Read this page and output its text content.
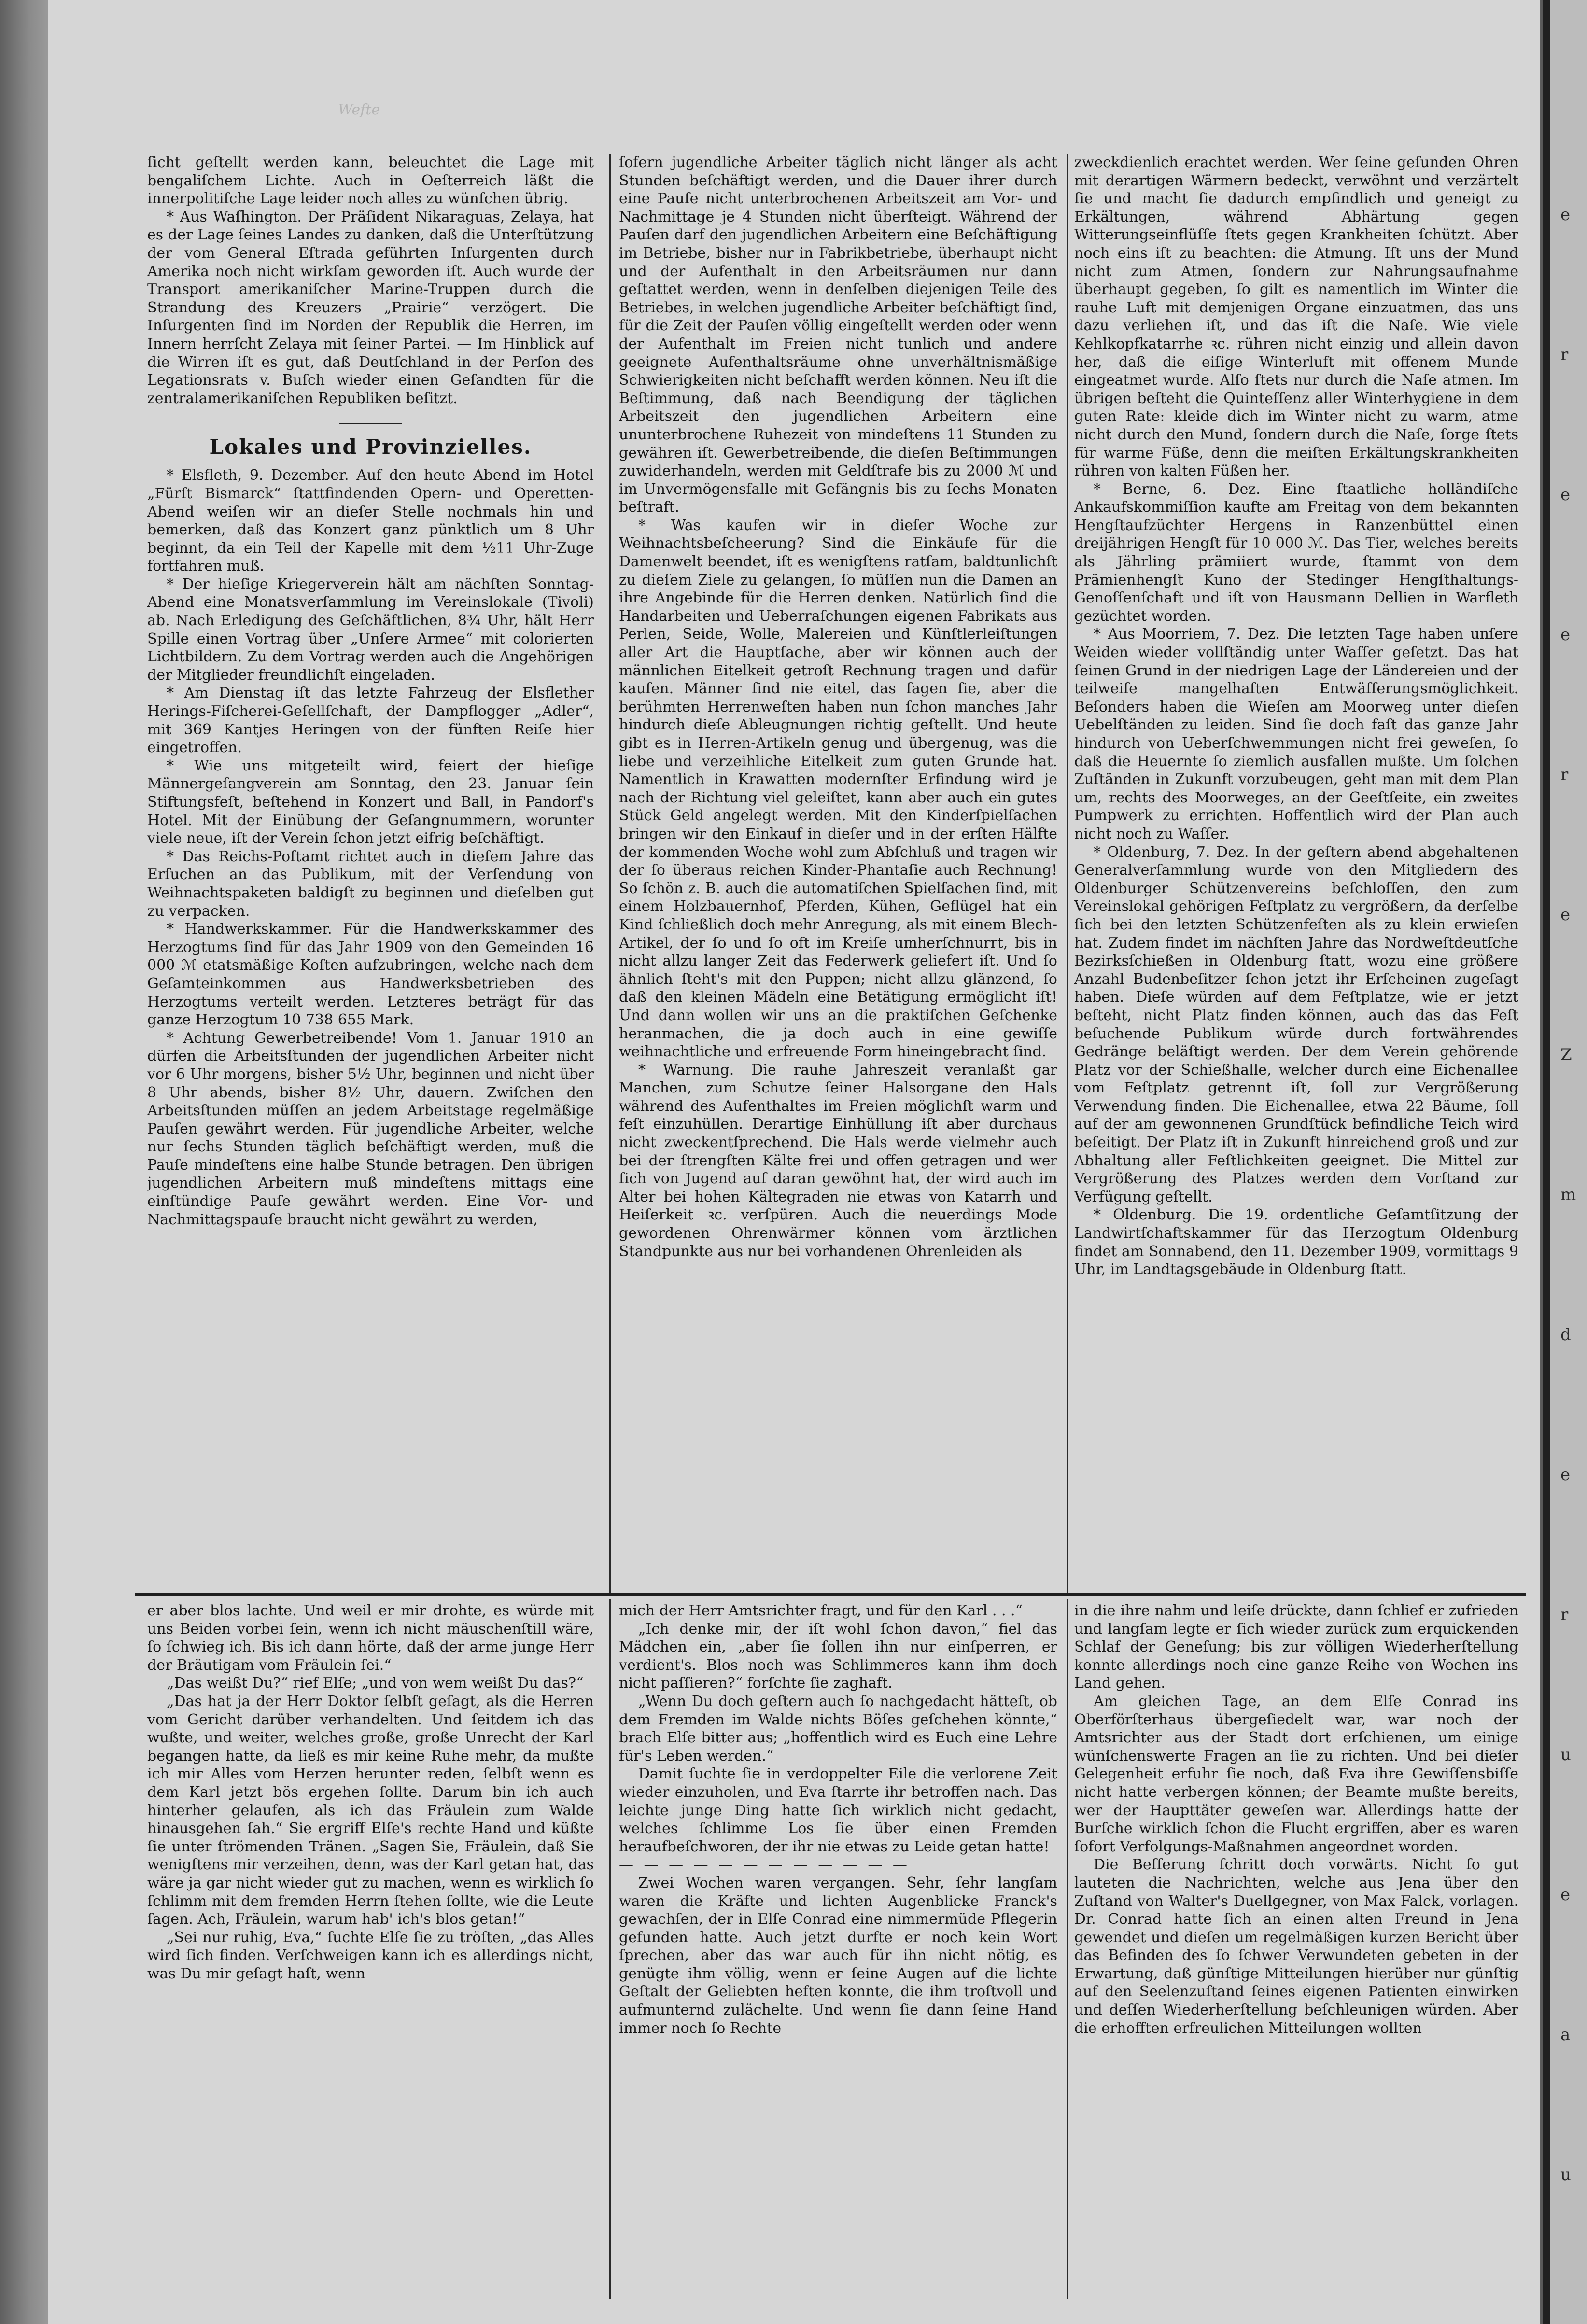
Wefte

ſicht geſtellt werden kann, beleuchtet die Lage mit bengaliſchem Lichte. Auch in Oeſterreich läßt die innerpolitiſche Lage leider noch alles zu wünſchen übrig.

* Aus Waſhington. Der Präſident Nikaraguas, Zelaya, hat es der Lage ſeines Landes zu danken, daß die Unterſtützung der vom General Eſtrada geführten Inſurgenten durch Amerika noch nicht wirkſam geworden iſt. Auch wurde der Transport amerikaniſcher Marine-Truppen durch die Strandung des Kreuzers „Prairie“ verzögert. Die Inſurgenten ſind im Norden der Republik die Herren, im Innern herrſcht Zelaya mit ſeiner Partei. — Im Hinblick auf die Wirren iſt es gut, daß Deutſchland in der Perſon des Legationsrats v. Buſch wieder einen Geſandten für die zentralamerikaniſchen Republiken beſitzt.

Lokales und Provinzielles.

* Elsfleth, 9. Dezember. Auf den heute Abend im Hotel „Fürſt Bismarck“ ſtattfindenden Opern- und Operetten-Abend weiſen wir an dieſer Stelle nochmals hin und bemerken, daß das Konzert ganz pünktlich um 8 Uhr beginnt, da ein Teil der Kapelle mit dem ½11 Uhr-Zuge fortfahren muß.

* Der hieſige Kriegerverein hält am nächſten Sonntag-Abend eine Monatsverſammlung im Vereinslokale (Tivoli) ab. Nach Erledigung des Geſchäftlichen, 8¾ Uhr, hält Herr Spille einen Vortrag über „Unſere Armee“ mit colorierten Lichtbildern. Zu dem Vortrag werden auch die Angehörigen der Mitglieder freundlichſt eingeladen.

* Am Dienstag iſt das letzte Fahrzeug der Elsflether Herings-Fiſcherei-Geſellſchaft, der Dampflogger „Adler“, mit 369 Kantjes Heringen von der fünften Reiſe hier eingetroffen.

* Wie uns mitgeteilt wird, feiert der hieſige Männergeſangverein am Sonntag, den 23. Januar ſein Stiftungsfeſt, beſtehend in Konzert und Ball, in Pandorf's Hotel. Mit der Einübung der Geſangnummern, worunter viele neue, iſt der Verein ſchon jetzt eifrig beſchäftigt.

* Das Reichs-Poſtamt richtet auch in dieſem Jahre das Erſuchen an das Publikum, mit der Verſendung von Weihnachtspaketen baldigſt zu beginnen und dieſelben gut zu verpacken.

* Handwerkskammer. Für die Handwerkskammer des Herzogtums ſind für das Jahr 1909 von den Gemeinden 16 000 ℳ etatsmäßige Koſten aufzubringen, welche nach dem Geſamteinkommen aus Handwerksbetrieben des Herzogtums verteilt werden. Letzteres beträgt für das ganze Herzogtum 10 738 655 Mark.

* Achtung Gewerbetreibende! Vom 1. Januar 1910 an dürfen die Arbeitsſtunden der jugendlichen Arbeiter nicht vor 6 Uhr morgens, bisher 5½ Uhr, beginnen und nicht über 8 Uhr abends, bisher 8½ Uhr, dauern. Zwiſchen den Arbeitsſtunden müſſen an jedem Arbeitstage regelmäßige Pauſen gewährt werden. Für jugendliche Arbeiter, welche nur ſechs Stunden täglich beſchäftigt werden, muß die Pauſe mindeſtens eine halbe Stunde betragen. Den übrigen jugendlichen Arbeitern muß mindeſtens mittags eine einſtündige Pauſe gewährt werden. Eine Vor- und Nachmittagspauſe braucht nicht gewährt zu werden,

ſofern jugendliche Arbeiter täglich nicht länger als acht Stunden beſchäftigt werden, und die Dauer ihrer durch eine Pauſe nicht unterbrochenen Arbeitszeit am Vor- und Nachmittage je 4 Stunden nicht überſteigt. Während der Pauſen darf den jugendlichen Arbeitern eine Beſchäftigung im Betriebe, bisher nur in Fabrikbetriebe, überhaupt nicht und der Aufenthalt in den Arbeitsräumen nur dann geſtattet werden, wenn in denſelben diejenigen Teile des Betriebes, in welchen jugendliche Arbeiter beſchäftigt ſind, für die Zeit der Pauſen völlig eingeſtellt werden oder wenn der Aufenthalt im Freien nicht tunlich und andere geeignete Aufenthaltsräume ohne unverhältnismäßige Schwierigkeiten nicht beſchafft werden können. Neu iſt die Beſtimmung, daß nach Beendigung der täglichen Arbeitszeit den jugendlichen Arbeitern eine ununterbrochene Ruhezeit von mindeſtens 11 Stunden zu gewähren iſt. Gewerbetreibende, die dieſen Beſtimmungen zuwiderhandeln, werden mit Geldſtrafe bis zu 2000 ℳ und im Unvermögensfalle mit Gefängnis bis zu ſechs Monaten beſtraft.

* Was kaufen wir in dieſer Woche zur Weihnachtsbeſcheerung? Sind die Einkäufe für die Damenwelt beendet, iſt es wenigſtens ratſam, baldtunlichſt zu dieſem Ziele zu gelangen, ſo müſſen nun die Damen an ihre Angebinde für die Herren denken. Natürlich ſind die Handarbeiten und Ueberraſchungen eigenen Fabrikats aus Perlen, Seide, Wolle, Malereien und Künſtlerleiſtungen aller Art die Hauptſache, aber wir können auch der männlichen Eitelkeit getroſt Rechnung tragen und dafür kaufen. Männer ſind nie eitel, das ſagen ſie, aber die berühmten Herrenweſten haben nun ſchon manches Jahr hindurch dieſe Ableugnungen richtig geſtellt. Und heute gibt es in Herren-Artikeln genug und übergenug, was die liebe und verzeihliche Eitelkeit zum guten Grunde hat. Namentlich in Krawatten modernſter Erfindung wird je nach der Richtung viel geleiſtet, kann aber auch ein gutes Stück Geld angelegt werden. Mit den Kinderſpielſachen bringen wir den Einkauf in dieſer und in der erſten Hälfte der kommenden Woche wohl zum Abſchluß und tragen wir der ſo überaus reichen Kinder-Phantaſie auch Rechnung! So ſchön z. B. auch die automatiſchen Spielſachen ſind, mit einem Holzbauernhof, Pferden, Kühen, Geflügel hat ein Kind ſchließlich doch mehr Anregung, als mit einem Blech-Artikel, der ſo und ſo oft im Kreiſe umherſchnurrt, bis in nicht allzu langer Zeit das Federwerk geliefert iſt. Und ſo ähnlich ſteht's mit den Puppen; nicht allzu glänzend, ſo daß den kleinen Mädeln eine Betätigung ermöglicht iſt! Und dann wollen wir uns an die praktiſchen Geſchenke heranmachen, die ja doch auch in eine gewiſſe weihnachtliche und erfreuende Form hineingebracht ſind.

* Warnung. Die rauhe Jahreszeit veranlaßt gar Manchen, zum Schutze ſeiner Halsorgane den Hals während des Aufenthaltes im Freien möglichſt warm und feſt einzuhüllen. Derartige Einhüllung iſt aber durchaus nicht zweckentſprechend. Die Hals werde vielmehr auch bei der ſtrengſten Kälte frei und offen getragen und wer ſich von Jugend auf daran gewöhnt hat, der wird auch im Alter bei hohen Kältegraden nie etwas von Katarrh und Heiſerkeit ꝛc. verſpüren. Auch die neuerdings Mode gewordenen Ohrenwärmer können vom ärztlichen Standpunkte aus nur bei vorhandenen Ohrenleiden als

zweckdienlich erachtet werden. Wer ſeine geſunden Ohren mit derartigen Wärmern bedeckt, verwöhnt und verzärtelt ſie und macht ſie dadurch empfindlich und geneigt zu Erkältungen, während Abhärtung gegen Witterungseinflüſſe ſtets gegen Krankheiten ſchützt. Aber noch eins iſt zu beachten: die Atmung. Iſt uns der Mund nicht zum Atmen, ſondern zur Nahrungsaufnahme überhaupt gegeben, ſo gilt es namentlich im Winter die rauhe Luft mit demjenigen Organe einzuatmen, das uns dazu verliehen iſt, und das iſt die Naſe. Wie viele Kehlkopfkatarrhe ꝛc. rühren nicht einzig und allein davon her, daß die eiſige Winterluft mit offenem Munde eingeatmet wurde. Alſo ſtets nur durch die Naſe atmen. Im übrigen beſteht die Quinteſſenz aller Winterhygiene in dem guten Rate: kleide dich im Winter nicht zu warm, atme nicht durch den Mund, ſondern durch die Naſe, ſorge ſtets für warme Füße, denn die meiſten Erkältungskrankheiten rühren von kalten Füßen her.

* Berne, 6. Dez. Eine ſtaatliche holländiſche Ankaufskommiſſion kaufte am Freitag von dem bekannten Hengſtaufzüchter Hergens in Ranzenbüttel einen dreijährigen Hengſt für 10 000 ℳ. Das Tier, welches bereits als Jährling prämiiert wurde, ſtammt von dem Prämienhengſt Kuno der Stedinger Hengſthaltungs-Genoſſenſchaft und iſt von Hausmann Dellien in Warfleth gezüchtet worden.

* Aus Moorriem, 7. Dez. Die letzten Tage haben unſere Weiden wieder vollſtändig unter Waſſer geſetzt. Das hat ſeinen Grund in der niedrigen Lage der Ländereien und der teilweiſe mangelhaften Entwäſſerungsmöglichkeit. Beſonders haben die Wieſen am Moorweg unter dieſen Uebelſtänden zu leiden. Sind ſie doch faſt das ganze Jahr hindurch von Ueberſchwemmungen nicht frei geweſen, ſo daß die Heuernte ſo ziemlich ausfallen mußte. Um ſolchen Zuſtänden in Zukunft vorzubeugen, geht man mit dem Plan um, rechts des Moorweges, an der Geeſtſeite, ein zweites Pumpwerk zu errichten. Hoffentlich wird der Plan auch nicht noch zu Waſſer.

* Oldenburg, 7. Dez. In der geſtern abend abgehaltenen Generalverſammlung wurde von den Mitgliedern des Oldenburger Schützenvereins beſchloſſen, den zum Vereinslokal gehörigen Feſtplatz zu vergrößern, da derſelbe ſich bei den letzten Schützenfeſten als zu klein erwieſen hat. Zudem findet im nächſten Jahre das Nordweſtdeutſche Bezirksſchießen in Oldenburg ſtatt, wozu eine größere Anzahl Budenbeſitzer ſchon jetzt ihr Erſcheinen zugeſagt haben. Dieſe würden auf dem Feſtplatze, wie er jetzt beſteht, nicht Platz finden können, auch das das Feſt beſuchende Publikum würde durch fortwährendes Gedränge beläſtigt werden. Der dem Verein gehörende Platz vor der Schießhalle, welcher durch eine Eichenallee vom Feſtplatz getrennt iſt, ſoll zur Vergrößerung Verwendung finden. Die Eichenallee, etwa 22 Bäume, ſoll auf der am gewonnenen Grundſtück befindliche Teich wird beſeitigt. Der Platz iſt in Zukunft hinreichend groß und zur Abhaltung aller Feſtlichkeiten geeignet. Die Mittel zur Vergrößerung des Platzes werden dem Vorſtand zur Verfügung geſtellt.

* Oldenburg. Die 19. ordentliche Geſamtſitzung der Landwirtſchaftskammer für das Herzogtum Oldenburg findet am Sonnabend, den 11. Dezember 1909, vormittags 9 Uhr, im Landtagsgebäude in Oldenburg ſtatt.

er aber blos lachte. Und weil er mir drohte, es würde mit uns Beiden vorbei ſein, wenn ich nicht mäuschenſtill wäre, ſo ſchwieg ich. Bis ich dann hörte, daß der arme junge Herr der Bräutigam vom Fräulein ſei.“

„Das weißt Du?“ rief Elſe; „und von wem weißt Du das?“

„Das hat ja der Herr Doktor ſelbſt geſagt, als die Herren vom Gericht darüber verhandelten. Und ſeitdem ich das wußte, und weiter, welches große, große Unrecht der Karl begangen hatte, da ließ es mir keine Ruhe mehr, da mußte ich mir Alles vom Herzen herunter reden, ſelbſt wenn es dem Karl jetzt bös ergehen ſollte. Darum bin ich auch hinterher gelaufen, als ich das Fräulein zum Walde hinausgehen ſah.“ Sie ergriff Elſe's rechte Hand und küßte ſie unter ſtrömenden Tränen. „Sagen Sie, Fräulein, daß Sie wenigſtens mir verzeihen, denn, was der Karl getan hat, das wäre ja gar nicht wieder gut zu machen, wenn es wirklich ſo ſchlimm mit dem fremden Herrn ſtehen ſollte, wie die Leute ſagen. Ach, Fräulein, warum hab' ich's blos getan!“

„Sei nur ruhig, Eva,“ ſuchte Elſe ſie zu tröſten, „das Alles wird ſich finden. Verſchweigen kann ich es allerdings nicht, was Du mir geſagt haſt, wenn

mich der Herr Amtsrichter fragt, und für den Karl . . .“

„Ich denke mir, der iſt wohl ſchon davon,“ fiel das Mädchen ein, „aber ſie ſollen ihn nur einſperren, er verdient's. Blos noch was Schlimmeres kann ihm doch nicht paſſieren?“ forſchte ſie zaghaft.

„Wenn Du doch geſtern auch ſo nachgedacht hätteſt, ob dem Fremden im Walde nichts Böſes geſchehen könnte,“ brach Elſe bitter aus; „hoffentlich wird es Euch eine Lehre für's Leben werden.“

Damit ſuchte ſie in verdoppelter Eile die verlorene Zeit wieder einzuholen, und Eva ſtarrte ihr betroffen nach. Das leichte junge Ding hatte ſich wirklich nicht gedacht, welches ſchlimme Los ſie über einen Fremden heraufbeſchworen, der ihr nie etwas zu Leide getan hatte!

— — — — — — — — — — — —

Zwei Wochen waren vergangen. Sehr, ſehr langſam waren die Kräfte und lichten Augenblicke Franck's gewachſen, der in Elſe Conrad eine nimmermüde Pflegerin gefunden hatte. Auch jetzt durfte er noch kein Wort ſprechen, aber das war auch für ihn nicht nötig, es genügte ihm völlig, wenn er ſeine Augen auf die lichte Geſtalt der Geliebten heften konnte, die ihm troſtvoll und aufmunternd zulächelte. Und wenn ſie dann ſeine Hand immer noch ſo Rechte

in die ihre nahm und leiſe drückte, dann ſchlief er zufrieden und langſam legte er ſich wieder zurück zum erquickenden Schlaf der Geneſung; bis zur völligen Wiederherſtellung konnte allerdings noch eine ganze Reihe von Wochen ins Land gehen.

Am gleichen Tage, an dem Elſe Conrad ins Oberförſterhaus übergeſiedelt war, war noch der Amtsrichter aus der Stadt dort erſchienen, um einige wünſchenswerte Fragen an ſie zu richten. Und bei dieſer Gelegenheit erfuhr ſie noch, daß Eva ihre Gewiſſensbiſſe nicht hatte verbergen können; der Beamte mußte bereits, wer der Haupttäter geweſen war. Allerdings hatte der Burſche wirklich ſchon die Flucht ergriffen, aber es waren ſofort Verfolgungs-Maßnahmen angeordnet worden.

Die Beſſerung ſchritt doch vorwärts. Nicht ſo gut lauteten die Nachrichten, welche aus Jena über den Zuſtand von Walter's Duellgegner, von Max Falck, vorlagen. Dr. Conrad hatte ſich an einen alten Freund in Jena gewendet und dieſen um regelmäßigen kurzen Bericht über das Befinden des ſo ſchwer Verwundeten gebeten in der Erwartung, daß günſtige Mitteilungen hierüber nur günſtig auf den Seelenzuſtand ſeines eigenen Patienten einwirken und deſſen Wiederherſtellung beſchleunigen würden. Aber die erhofften erfreulichen Mitteilungen wollten

e
r
e
e
r
e
Z
m
d
e
r
u
e
a
u
